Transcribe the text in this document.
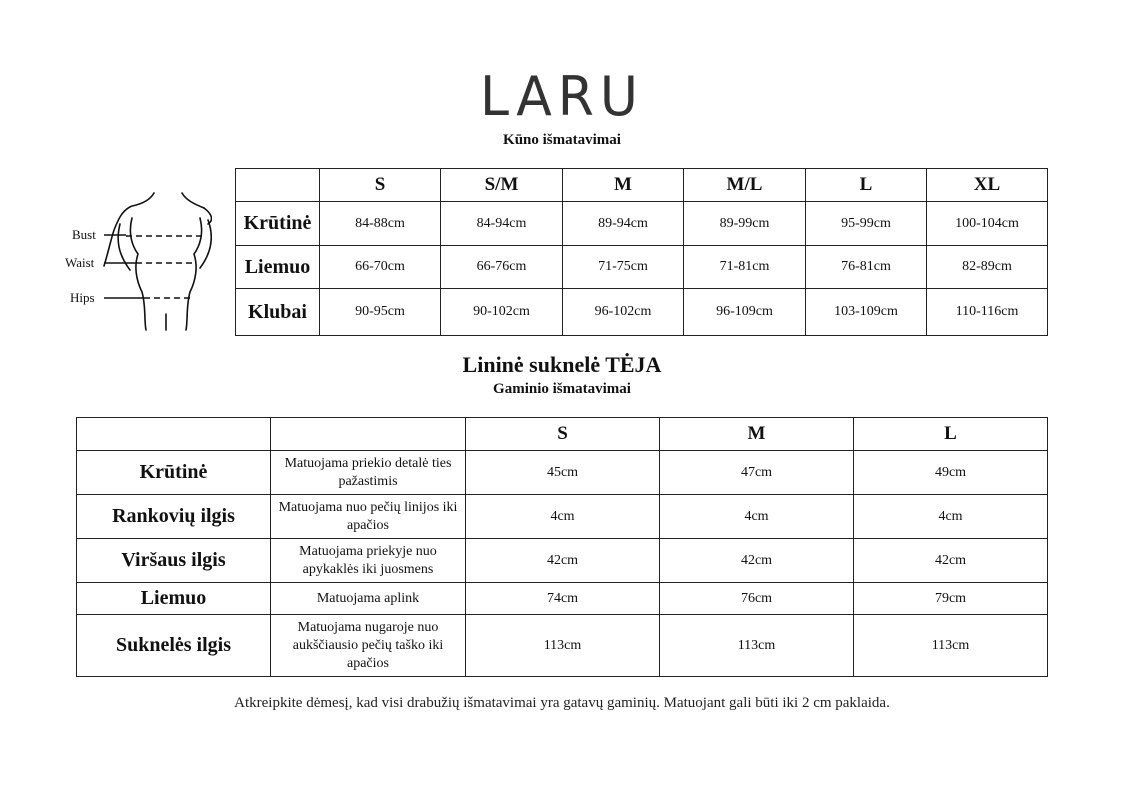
LARU
Kūno išmatavimai
Bust
Waist
Hips
	S	S/M	M	M/L	L	XL
Krūtinė	84-88cm	84-94cm	89-94cm	89-99cm	95-99cm	100-104cm
Liemuo	66-70cm	66-76cm	71-75cm	71-81cm	76-81cm	82-89cm
Klubai	90-95cm	90-102cm	96-102cm	96-109cm	103-109cm	110-116cm
Lininė suknelė TĖJA
Gaminio išmatavimai
		S	M	L
Krūtinė	Matuojama priekio detalė ties pažastimis	45cm	47cm	49cm
Rankovių ilgis	Matuojama nuo pečių linijos iki apačios	4cm	4cm	4cm
Viršaus ilgis	Matuojama priekyje nuo apykaklės iki juosmens	42cm	42cm	42cm
Liemuo	Matuojama aplink	74cm	76cm	79cm
Suknelės ilgis	Matuojama nugaroje nuo aukščiausio pečių taško iki apačios	113cm	113cm	113cm
Atkreipkite dėmesį, kad visi drabužių išmatavimai yra gatavų gaminių. Matuojant gali būti iki 2 cm paklaida.
